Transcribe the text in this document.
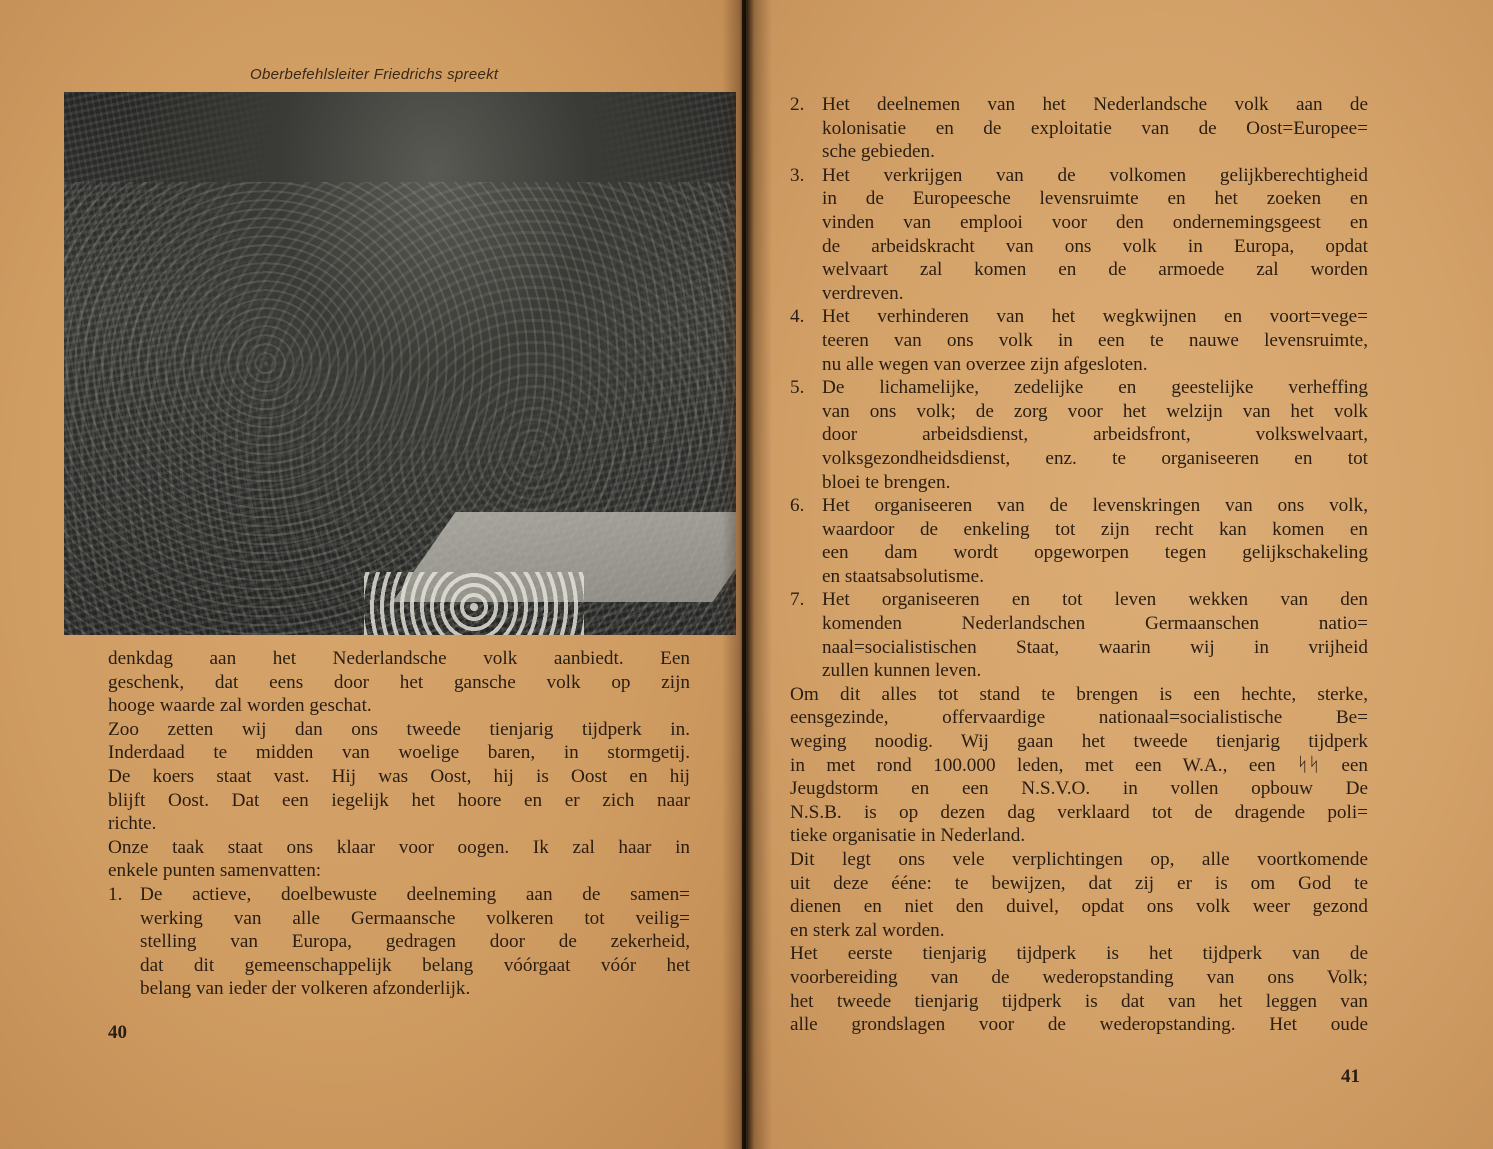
Oberbefehlsleiter Friedrichs spreekt
denkdag aan het Nederlandsche volk aanbiedt. Een
geschenk, dat eens door het gansche volk op zijn
hooge waarde zal worden geschat.
Zoo zetten wij dan ons tweede tienjarig tijdperk in.
Inderdaad te midden van woelige baren, in stormgetij.
De koers staat vast. Hij was Oost, hij is Oost en hij
blijft Oost. Dat een iegelijk het hoore en er zich naar
richte.
Onze taak staat ons klaar voor oogen. Ik zal haar in
enkele punten samenvatten:
1. De actieve, doelbewuste deelneming aan de samen=
werking van alle Germaansche volkeren tot veilig=
stelling van Europa, gedragen door de zekerheid,
dat dit gemeenschappelijk belang vóórgaat vóór het
belang van ieder der volkeren afzonderlijk.
40
2. Het deelnemen van het Nederlandsche volk aan de
kolonisatie en de exploitatie van de Oost=Europee=
sche gebieden.
3. Het verkrijgen van de volkomen gelijkberechtigheid
in de Europeesche levensruimte en het zoeken en
vinden van emplooi voor den ondernemingsgeest en
de arbeidskracht van ons volk in Europa, opdat
welvaart zal komen en de armoede zal worden
verdreven.
4. Het verhinderen van het wegkwijnen en voort=vege=
teeren van ons volk in een te nauwe levensruimte,
nu alle wegen van overzee zijn afgesloten.
5. De lichamelijke, zedelijke en geestelijke verheffing
van ons volk; de zorg voor het welzijn van het volk
door arbeidsdienst, arbeidsfront, volkswelvaart,
volksgezondheidsdienst, enz. te organiseeren en tot
bloei te brengen.
6. Het organiseeren van de levenskringen van ons volk,
waardoor de enkeling tot zijn recht kan komen en
een dam wordt opgeworpen tegen gelijkschakeling
en staatsabsolutisme.
7. Het organiseeren en tot leven wekken van den
komenden Nederlandschen Germaanschen natio=
naal=socialistischen Staat, waarin wij in vrijheid
zullen kunnen leven.
Om dit alles tot stand te brengen is een hechte, sterke,
eensgezinde, offervaardige nationaal=socialistische Be=
weging noodig. Wij gaan het tweede tienjarig tijdperk
in met rond 100.000 leden, met een W.A., een ᛋᛋ een
Jeugdstorm en een N.S.V.O. in vollen opbouw De
N.S.B. is op dezen dag verklaard tot de dragende poli=
tieke organisatie in Nederland.
Dit legt ons vele verplichtingen op, alle voortkomende
uit deze ééne: te bewijzen, dat zij er is om God te
dienen en niet den duivel, opdat ons volk weer gezond
en sterk zal worden.
Het eerste tienjarig tijdperk is het tijdperk van de
voorbereiding van de wederopstanding van ons Volk;
het tweede tienjarig tijdperk is dat van het leggen van
alle grondslagen voor de wederopstanding. Het oude
41
